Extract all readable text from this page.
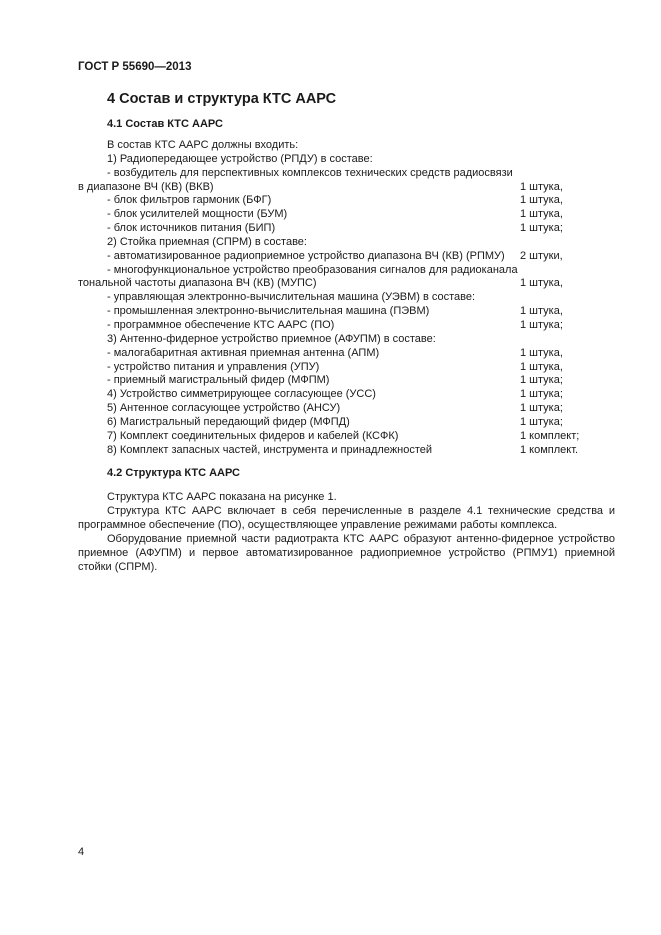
ГОСТ Р 55690—2013
4 Состав и структура КТС ААРС
4.1 Состав КТС ААРС
В состав КТС ААРС должны входить:
1) Радиопередающее устройство (РПДУ) в составе:
- возбудитель для перспективных комплексов технических средств радиосвязи
в диапазоне ВЧ (КВ) (ВКВ)	1 штука,
- блок фильтров гармоник (БФГ)	1 штука,
- блок усилителей мощности (БУМ)	1 штука,
- блок источников питания (БИП)	1 штука;
2) Стойка приемная (СПРМ) в составе:
- автоматизированное радиоприемное устройство диапазона ВЧ (КВ) (РПМУ) 2 штуки,
- многофункциональное устройство преобразования сигналов для радиоканала
тональной частоты диапазона ВЧ (КВ) (МУПС)	1 штука,
- управляющая электронно-вычислительная машина (УЭВМ) в составе:
- промышленная электронно-вычислительная машина (ПЭВМ)	1 штука,
- программное обеспечение КТС ААРС (ПО)	1 штука;
3) Антенно-фидерное устройство приемное (АФУПМ) в составе:
- малогабаритная активная приемная антенна (АПМ)	1 штука,
- устройство питания и управления (УПУ)	1 штука,
- приемный магистральный фидер (МФПМ)	1 штука;
4) Устройство симметрирующее согласующее (УСС)	1 штука;
5) Антенное согласующее устройство (АНСУ)	1 штука;
6) Магистральный передающий фидер (МФПД)	1 штука;
7) Комплект соединительных фидеров и кабелей (КСФК)	1 комплект;
8) Комплект запасных частей, инструмента и принадлежностей	1 комплект.
4.2 Структура КТС ААРС

Структура КТС ААРС показана на рисунке 1.

Структура КТС ААРС включает в себя перечисленные в разделе 4.1 технические средства и программное обеспечение (ПО), осуществляющее управление режимами работы комплекса.

Оборудование приемной части радиотракта КТС ААРС образуют антенно-фидерное устройство приемное (АФУПМ) и первое автоматизированное радиоприемное устройство (РПМУ1) приемной стойки (СПРМ).

4
